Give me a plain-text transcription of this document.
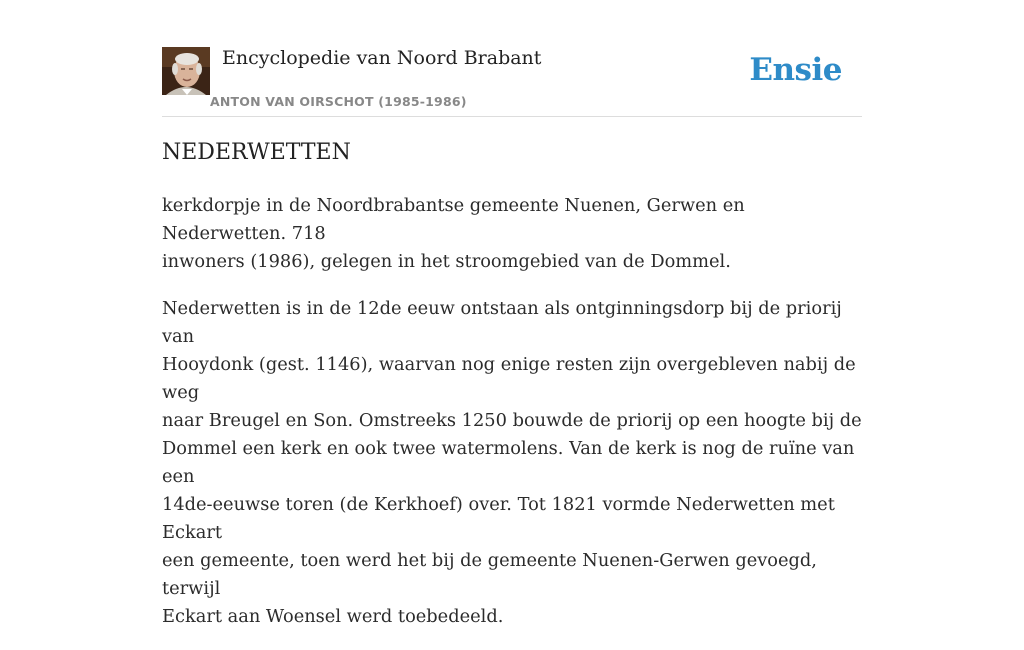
Encyclopedie van Noord Brabant
ANTON VAN OIRSCHOT (1985-1986)
Ensie
NEDERWETTEN

kerkdorpje in de Noordbrabantse gemeente Nuenen, Gerwen en Nederwetten. 718
inwoners (1986), gelegen in het stroomgebied van de Dommel.

Nederwetten is in de 12de eeuw ontstaan als ontginningsdorp bij de priorij van
Hooydonk (gest. 1146), waarvan nog enige resten zijn overgebleven nabij de weg
naar Breugel en Son. Omstreeks 1250 bouwde de priorij op een hoogte bij de
Dommel een kerk en ook twee watermolens. Van de kerk is nog de ruïne van een
14de-eeuwse toren (de Kerkhoef) over. Tot 1821 vormde Nederwetten met Eckart
een gemeente, toen werd het bij de gemeente Nuenen-Gerwen gevoegd, terwijl
Eckart aan Woensel werd toebedeeld.
